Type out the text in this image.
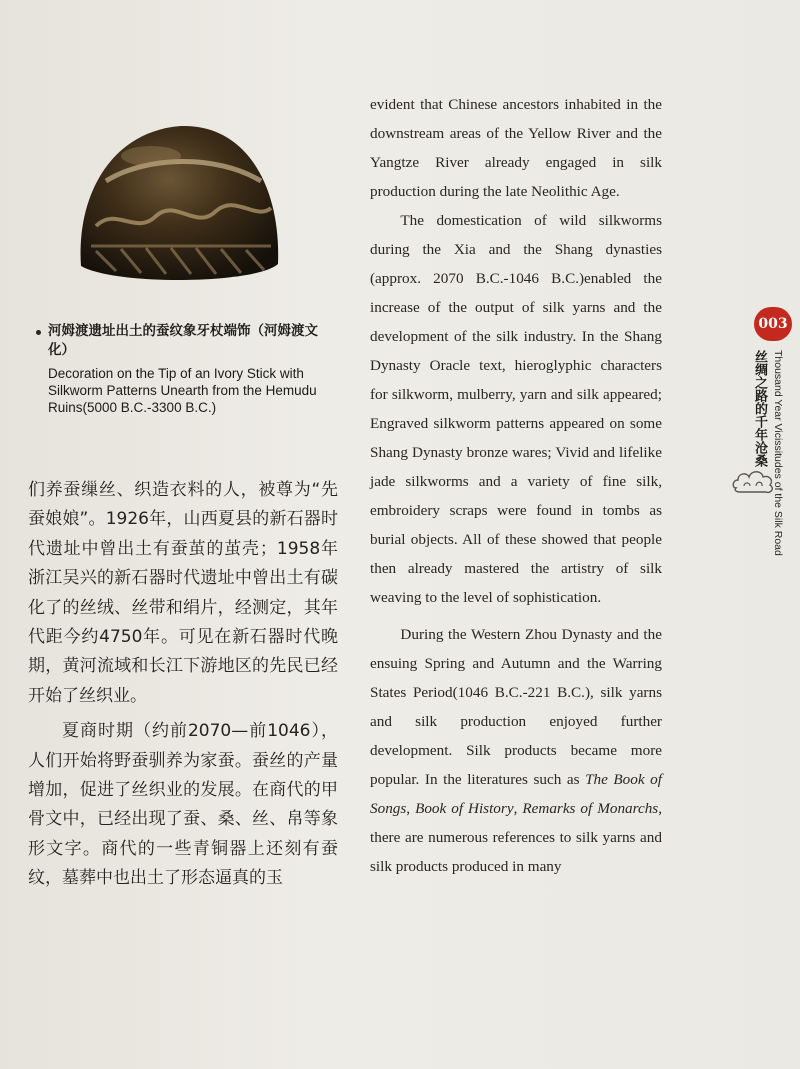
河姆渡遗址出土的蚕纹象牙杖端饰（河姆渡文化）
Decoration on the Tip of an Ivory Stick with Silkworm Patterns Unearth from the Hemudu Ruins(5000 B.C.-3300 B.C.)

们养蚕缫丝、织造衣料的人，被尊为“先蚕娘娘”。1926年，山西夏县的新石器时代遗址中曾出土有蚕茧的茧壳；1958年浙江吴兴的新石器时代遗址中曾出土有碳化了的丝绒、丝带和绢片，经测定，其年代距今约4750年。可见在新石器时代晚期，黄河流域和长江下游地区的先民已经开始了丝织业。

夏商时期（约前2070—前1046），人们开始将野蚕驯养为家蚕。蚕丝的产量增加，促进了丝织业的发展。在商代的甲骨文中，已经出现了蚕、桑、丝、帛等象形文字。商代的一些青铜器上还刻有蚕纹，墓葬中也出土了形态逼真的玉

evident that Chinese ancestors inhabited in the downstream areas of the Yellow River and the Yangtze River already engaged in silk production during the late Neolithic Age.

The domestication of wild silkworms during the Xia and the Shang dynasties (approx. 2070 B.C.-1046 B.C.)enabled the increase of the output of silk yarns and the development of the silk industry. In the Shang Dynasty Oracle text, hieroglyphic characters for silkworm, mulberry, yarn and silk appeared; Engraved silkworm patterns appeared on some Shang Dynasty bronze wares; Vivid and lifelike jade silkworms and a variety of fine silk, embroidery scraps were found in tombs as burial objects. All of these showed that people then already mastered the artistry of silk weaving to the level of sophistication.

During the Western Zhou Dynasty and the ensuing Spring and Autumn and the Warring States Period(1046 B.C.-221 B.C.), silk yarns and silk production enjoyed further development. Silk products became more popular. In the literatures such as The Book of Songs, Book of History, Remarks of Monarchs, there are numerous references to silk yarns and silk products produced in many

003
丝绸之路的千年沧桑 Thousand Year Vicissitudes of the Silk Road
